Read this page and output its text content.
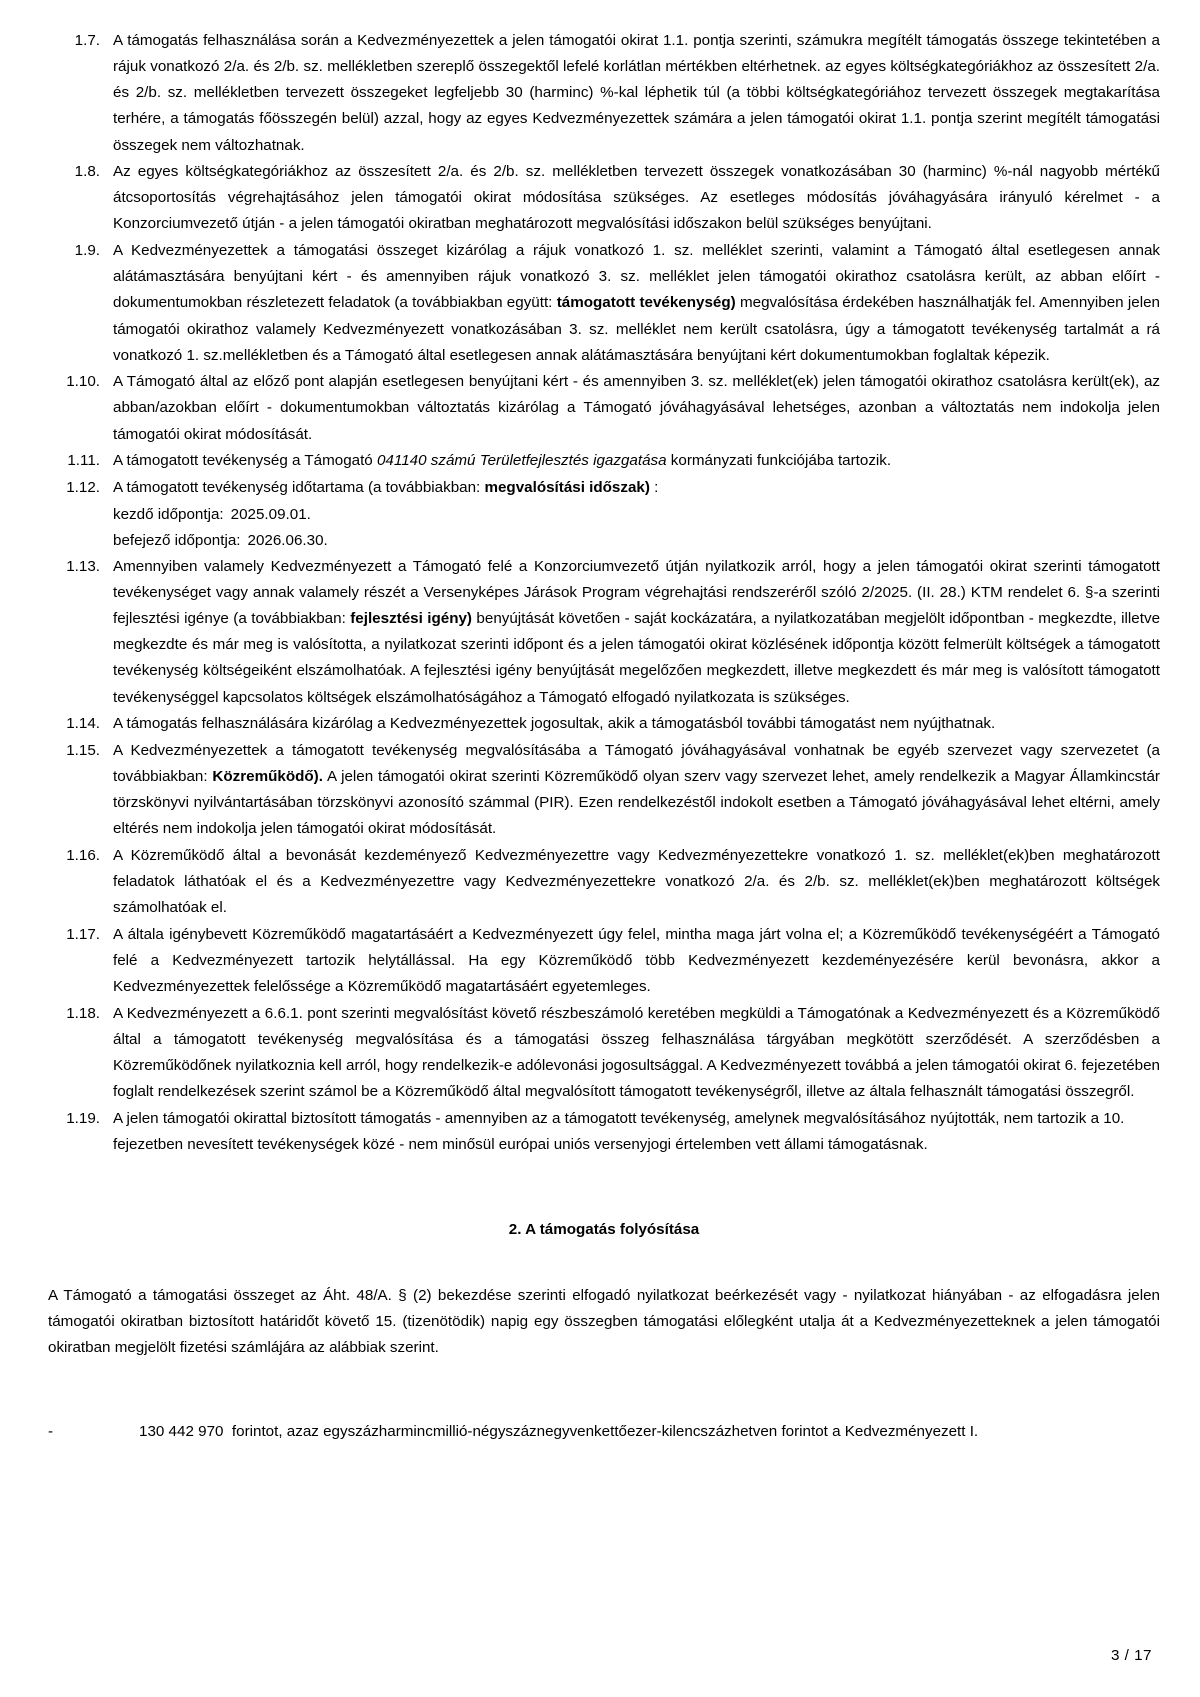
1.7. A támogatás felhasználása során a Kedvezményezettek a jelen támogatói okirat 1.1. pontja szerinti, számukra megítélt támogatás összege tekintetében a rájuk vonatkozó 2/a. és 2/b. sz. mellékletben szereplő összegektől lefelé korlátlan mértékben eltérhetnek. az egyes költségkategóriákhoz az összesített 2/a. és 2/b. sz. mellékletben tervezett összegeket legfeljebb 30 (harminc) %-kal léphetik túl (a többi költségkategóriához tervezett összegek megtakarítása terhére, a támogatás főösszegén belül) azzal, hogy az egyes Kedvezményezettek számára a jelen támogatói okirat 1.1. pontja szerint megítélt támogatási összegek nem változhatnak.
1.8. Az egyes költségkategóriákhoz az összesített 2/a. és 2/b. sz. mellékletben tervezett összegek vonatkozásában 30 (harminc) %-nál nagyobb mértékű átcsoportosítás végrehajtásához jelen támogatói okirat módosítása szükséges. Az esetleges módosítás jóváhagyására irányuló kérelmet - a Konzorciumvezető útján - a jelen támogatói okiratban meghatározott megvalósítási időszakon belül szükséges benyújtani.
1.9. A Kedvezményezettek a támogatási összeget kizárólag a rájuk vonatkozó 1. sz. melléklet szerinti, valamint a Támogató által esetlegesen annak alátámasztására benyújtani kért - és amennyiben rájuk vonatkozó 3. sz. melléklet jelen támogatói okirathoz csatolásra került, az abban előírt - dokumentumokban részletezett feladatok (a továbbiakban együtt: támogatott tevékenység) megvalósítása érdekében használhatják fel. Amennyiben jelen támogatói okirathoz valamely Kedvezményezett vonatkozásában 3. sz. melléklet nem került csatolásra, úgy a támogatott tevékenység tartalmát a rá vonatkozó 1. sz.mellékletben és a Támogató által esetlegesen annak alátámasztására benyújtani kért dokumentumokban foglaltak képezik.
1.10. A Támogató által az előző pont alapján esetlegesen benyújtani kért - és amennyiben 3. sz. melléklet(ek) jelen támogatói okirathoz csatolásra került(ek), az abban/azokban előírt - dokumentumokban változtatás kizárólag a Támogató jóváhagyásával lehetséges, azonban a változtatás nem indokolja jelen támogatói okirat módosítását.
1.11. A támogatott tevékenység a Támogató 041140 számú Területfejlesztés igazgatása kormányzati funkciójába tartozik.
1.12. A támogatott tevékenység időtartama (a továbbiakban: megvalósítási időszak) :
kezdő időpontja: 2025.09.01.
befejező időpontja: 2026.06.30.
1.13. Amennyiben valamely Kedvezményezett a Támogató felé a Konzorciumvezető útján nyilatkozik arról, hogy a jelen támogatói okirat szerinti támogatott tevékenységet vagy annak valamely részét a Versenyképes Járások Program végrehajtási rendszeréről szóló 2/2025. (II. 28.) KTM rendelet 6. §-a szerinti fejlesztési igénye (a továbbiakban: fejlesztési igény) benyújtását követően - saját kockázatára, a nyilatkozatában megjelölt időpontban - megkezdte, illetve megkezdte és már meg is valósította, a nyilatkozat szerinti időpont és a jelen támogatói okirat közlésének időpontja között felmerült költségek a támogatott tevékenység költségeiként elszámolhatóak. A fejlesztési igény benyújtását megelőzően megkezdett, illetve megkezdett és már meg is valósított támogatott tevékenységgel kapcsolatos költségek elszámolhatóságához a Támogató elfogadó nyilatkozata is szükséges.
1.14. A támogatás felhasználására kizárólag a Kedvezményezettek jogosultak, akik a támogatásból további támogatást nem nyújthatnak.
1.15. A Kedvezményezettek a támogatott tevékenység megvalósításába a Támogató jóváhagyásával vonhatnak be egyéb szervezet vagy szervezetet (a továbbiakban: Közreműködő). A jelen támogatói okirat szerinti Közreműködő olyan szerv vagy szervezet lehet, amely rendelkezik a Magyar Államkincstár törzskönyvi nyilvántartásában törzskönyvi azonosító számmal (PIR). Ezen rendelkezéstől indokolt esetben a Támogató jóváhagyásával lehet eltérni, amely eltérés nem indokolja jelen támogatói okirat módosítását.
1.16. A Közreműködő által a bevonását kezdeményező Kedvezményezettre vagy Kedvezményezettekre vonatkozó 1. sz. melléklet(ek)ben meghatározott feladatok láthatóak el és a Kedvezményezettre vagy Kedvezményezettekre vonatkozó 2/a. és 2/b. sz. melléklet(ek)ben meghatározott költségek számolhatóak el.
1.17. A általa igénybevett Közreműködő magatartásáért a Kedvezményezett úgy felel, mintha maga járt volna el; a Közreműködő tevékenységéért a Támogató felé a Kedvezményezett tartozik helytállással. Ha egy Közreműködő több Kedvezményezett kezdeményezésére kerül bevonásra, akkor a Kedvezményezettek felelőssége a Közreműködő magatartásáért egyetemleges.
1.18. A Kedvezményezett a 6.6.1. pont szerinti megvalósítást követő részbeszámoló keretében megküldi a Támogatónak a Kedvezményezett és a Közreműködő által a támogatott tevékenység megvalósítása és a támogatási összeg felhasználása tárgyában megkötött szerződését. A szerződésben a Közreműködőnek nyilatkoznia kell arról, hogy rendelkezik-e adólevonási jogosultsággal. A Kedvezményezett továbbá a jelen támogatói okirat 6. fejezetében foglalt rendelkezések szerint számol be a Közreműködő által megvalósított támogatott tevékenységről, illetve az általa felhasznált támogatási összegről.
1.19. A jelen támogatói okirattal biztosított támogatás - amennyiben az a támogatott tevékenység, amelynek megvalósításához nyújtották, nem tartozik a 10. fejezetben nevesített tevékenységek közé - nem minősül európai uniós versenyjogi értelemben vett állami támogatásnak.
2. A támogatás folyósítása

A Támogató a támogatási összeget az Áht. 48/A. § (2) bekezdése szerinti elfogadó nyilatkozat beérkezését vagy - nyilatkozat hiányában - az elfogadásra jelen támogatói okiratban biztosított határidőt követő 15. (tizenötödik) napig egy összegben támogatási előlegként utalja át a Kedvezményezetteknek a jelen támogatói okiratban megjelölt fizetési számlájára az alábbiak szerint.

-	130 442 970 forintot, azaz egyszázharmincmillió-négyszáznegyvenkettőezer-kilencszázhetven forintot a Kedvezményezett I.
3 / 17
